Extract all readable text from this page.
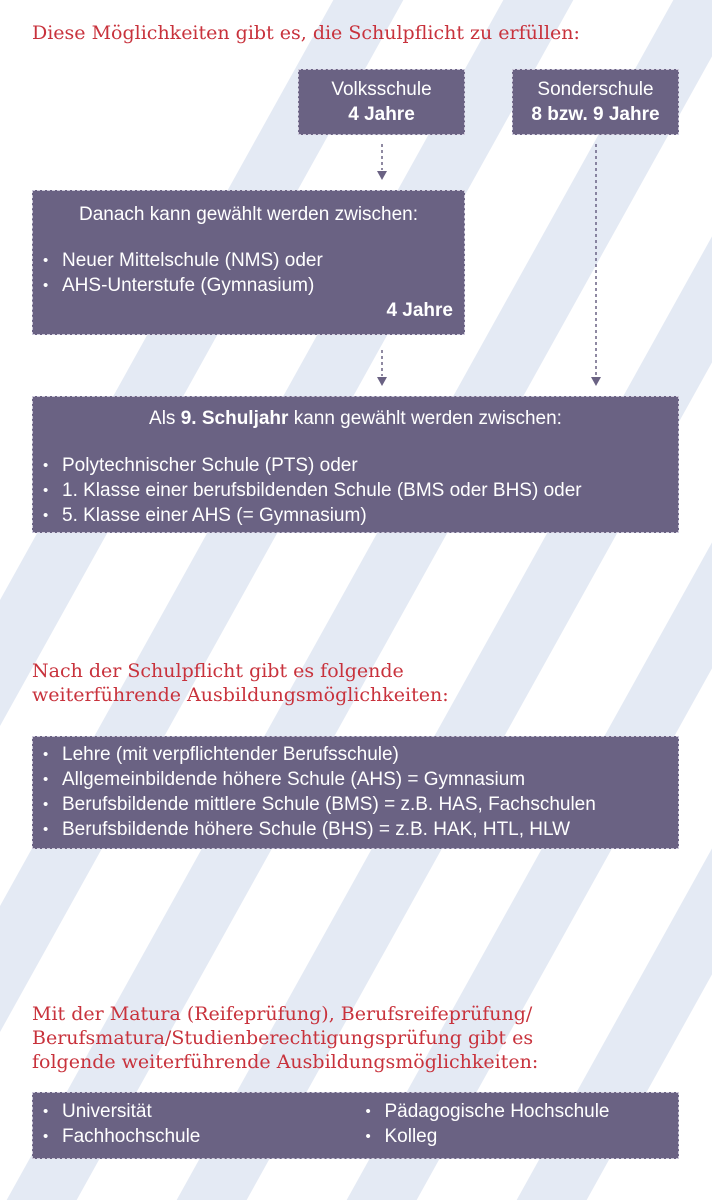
Diese Möglichkeiten gibt es, die Schulpflicht zu erfüllen:
Volksschule
4 Jahre
Sonderschule
8 bzw. 9 Jahre
Danach kann gewählt werden zwischen:
• Neuer Mittelschule (NMS) oder
• AHS-Unterstufe (Gymnasium)
4 Jahre
Als 9. Schuljahr kann gewählt werden zwischen:
• Polytechnischer Schule (PTS) oder
• 1. Klasse einer berufsbildenden Schule (BMS oder BHS) oder
• 5. Klasse einer AHS (= Gymnasium)
Nach der Schulpflicht gibt es folgende
weiterführende Ausbildungsmöglichkeiten:
• Lehre (mit verpflichtender Berufsschule)
• Allgemeinbildende höhere Schule (AHS) = Gymnasium
• Berufsbildende mittlere Schule (BMS) = z.B. HAS, Fachschulen
• Berufsbildende höhere Schule (BHS) = z.B. HAK, HTL, HLW
Mit der Matura (Reifeprüfung), Berufsreifeprüfung/
Berufsmatura/Studienberechtigungsprüfung gibt es
folgende weiterführende Ausbildungsmöglichkeiten:
• Universität
• Fachhochschule
• Pädagogische Hochschule
• Kolleg
